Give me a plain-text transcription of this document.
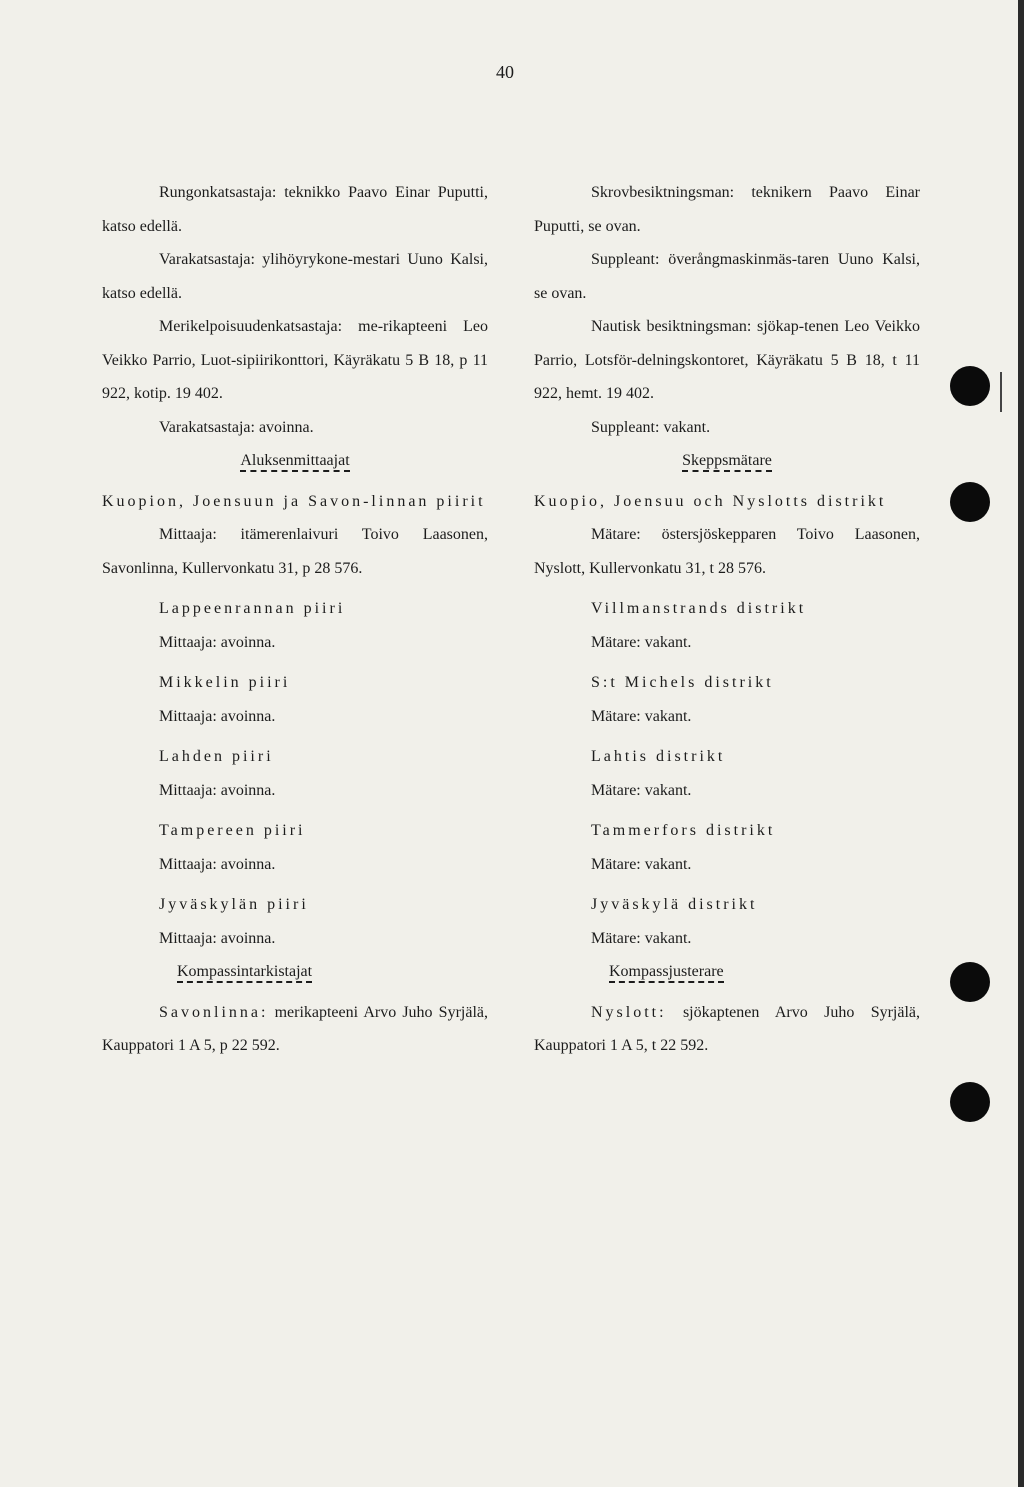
40

Rungonkatsastaja: teknikko Paavo Einar Puputti, katso edellä.

Varakatsastaja: ylihöyrykone-mestari Uuno Kalsi, katso edellä.

Merikelpoisuudenkatsastaja: me-rikapteeni Leo Veikko Parrio, Luot-sipiirikonttori, Käyräkatu 5 B 18, p 11 922, kotip. 19 402.

Varakatsastaja: avoinna.

Aluksenmittaajat

Kuopion, Joensuun ja Savon-linnan piirit

Mittaaja: itämerenlaivuri Toivo Laasonen, Savonlinna, Kullervonkatu 31, p 28 576.

Lappeenrannan piiri

Mittaaja: avoinna.

Mikkelin piiri

Mittaaja: avoinna.

Lahden piiri

Mittaaja: avoinna.

Tampereen piiri

Mittaaja: avoinna.

Jyväskylän piiri

Mittaaja: avoinna.

Kompassintarkistajat

Savonlinna: merikapteeni Arvo Juho Syrjälä, Kauppatori 1 A 5, p 22 592.

Skrovbesiktningsman: teknikern Paavo Einar Puputti, se ovan.

Suppleant: överångmaskinmäs-taren Uuno Kalsi, se ovan.

Nautisk besiktningsman: sjökap-tenen Leo Veikko Parrio, Lotsför-delningskontoret, Käyräkatu 5 B 18, t 11 922, hemt. 19 402.

Suppleant: vakant.

Skeppsmätare

Kuopio, Joensuu och Nyslotts distrikt

Mätare: östersjöskepparen Toivo Laasonen, Nyslott, Kullervonkatu 31, t 28 576.

Villmanstrands distrikt

Mätare: vakant.

S:t Michels distrikt

Mätare: vakant.

Lahtis distrikt

Mätare: vakant.

Tammerfors distrikt

Mätare: vakant.

Jyväskylä distrikt

Mätare: vakant.

Kompassjusterare

Nyslott: sjökaptenen Arvo Juho Syrjälä, Kauppatori 1 A 5, t 22 592.
